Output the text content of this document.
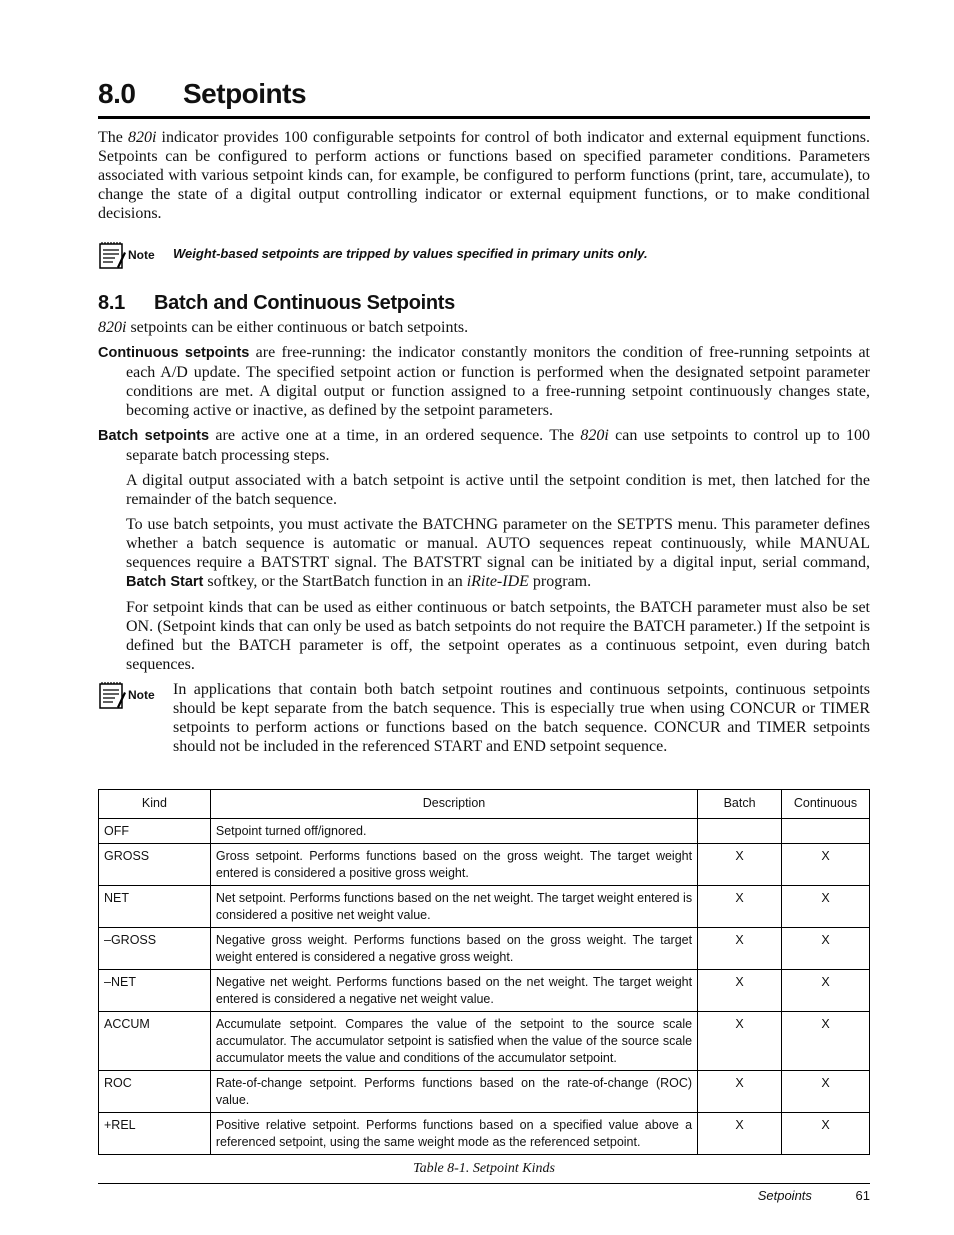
8.0	Setpoints

The 820i indicator provides 100 configurable setpoints for control of both indicator and external equipment functions. Setpoints can be configured to perform actions or functions based on specified parameter conditions. Parameters associated with various setpoint kinds can, for example, be configured to perform functions (print, tare, accumulate), to change the state of a digital output controlling indicator or external equipment functions, or to make conditional decisions.

Note Weight-based setpoints are tripped by values specified in primary units only.
8.1	Batch and Continuous Setpoints

820i setpoints can be either continuous or batch setpoints.

Continuous setpoints are free-running: the indicator constantly monitors the condition of free-running setpoints at each A/D update. The specified setpoint action or function is performed when the designated setpoint parameter conditions are met. A digital output or function assigned to a free-running setpoint continuously changes state, becoming active or inactive, as defined by the setpoint parameters.

Batch setpoints are active one at a time, in an ordered sequence. The 820i can use setpoints to control up to 100 separate batch processing steps.

A digital output associated with a batch setpoint is active until the setpoint condition is met, then latched for the remainder of the batch sequence.

To use batch setpoints, you must activate the BATCHNG parameter on the SETPTS menu. This parameter defines whether a batch sequence is automatic or manual. AUTO sequences repeat continuously, while MANUAL sequences require a BATSTRT signal. The BATSTRT signal can be initiated by a digital input, serial command, Batch Start softkey, or the StartBatch function in an iRite-IDE program.

For setpoint kinds that can be used as either continuous or batch setpoints, the BATCH parameter must also be set ON. (Setpoint kinds that can only be used as batch setpoints do not require the BATCH parameter.) If the setpoint is defined but the BATCH parameter is off, the setpoint operates as a continuous setpoint, even during batch sequences.

Note In applications that contain both batch setpoint routines and continuous setpoints, continuous setpoints should be kept separate from the batch sequence. This is especially true when using CONCUR or TIMER setpoints to perform actions or functions based on the batch sequence. CONCUR and TIMER setpoints should not be included in the referenced START and END setpoint sequence.

Kind	Description	Batch	Continuous
OFF	Setpoint turned off/ignored.		
GROSS	Gross setpoint. Performs functions based on the gross weight. The target weight entered is considered a positive gross weight.	X	X
NET	Net setpoint. Performs functions based on the net weight. The target weight entered is considered a positive net weight value.	X	X
–GROSS	Negative gross weight. Performs functions based on the gross weight. The target weight entered is considered a negative gross weight.	X	X
–NET	Negative net weight. Performs functions based on the net weight. The target weight entered is considered a negative net weight value.	X	X
ACCUM	Accumulate setpoint. Compares the value of the setpoint to the source scale accumulator. The accumulator setpoint is satisfied when the value of the source scale accumulator meets the value and conditions of the accumulator setpoint.	X	X
ROC	Rate-of-change setpoint. Performs functions based on the rate-of-change (ROC) value.	X	X
+REL	Positive relative setpoint. Performs functions based on a specified value above a referenced setpoint, using the same weight mode as the referenced setpoint.	X	X
Table 8-1. Setpoint Kinds
Setpoints	61
